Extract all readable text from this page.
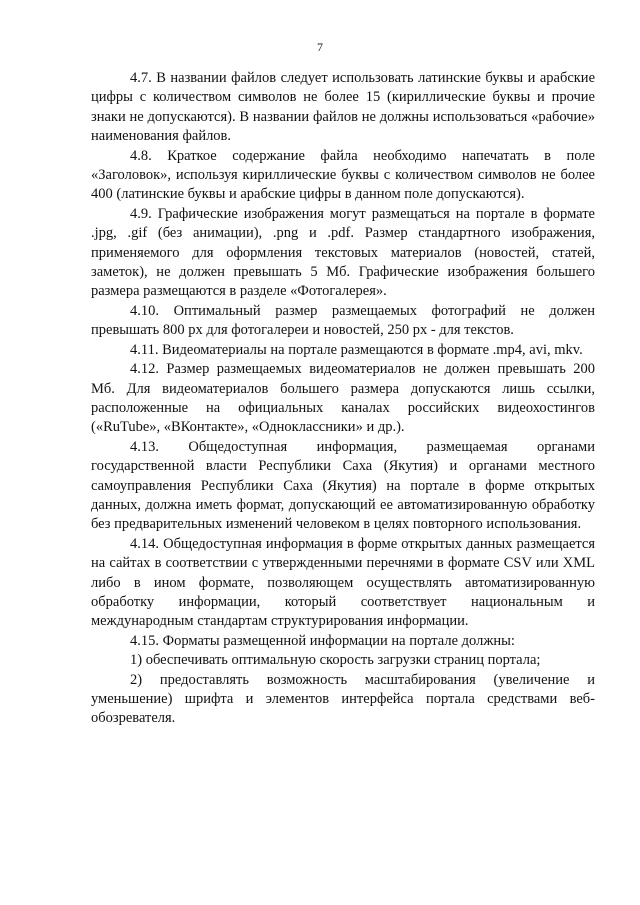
7

4.7. В названии файлов следует использовать латинские буквы и арабские цифры с количеством символов не более 15 (кириллические буквы и прочие знаки не допускаются). В названии файлов не должны использоваться «рабочие» наименования файлов.

4.8. Краткое содержание файла необходимо напечатать в поле «Заголовок», используя кириллические буквы с количеством символов не более 400 (латинские буквы и арабские цифры в данном поле допускаются).

4.9. Графические изображения могут размещаться на портале в формате .jpg, .gif (без анимации), .png и .pdf. Размер стандартного изображения, применяемого для оформления текстовых материалов (новостей, статей, заметок), не должен превышать 5 Мб. Графические изображения большего размера размещаются в разделе «Фотогалерея».

4.10. Оптимальный размер размещаемых фотографий не должен превышать 800 px для фотогалереи и новостей, 250 px - для текстов.

4.11. Видеоматериалы на портале размещаются в формате .mp4, avi, mkv.

4.12. Размер размещаемых видеоматериалов не должен превышать 200 Мб. Для видеоматериалов большего размера допускаются лишь ссылки, расположенные на официальных каналах российских видеохостингов («RuTube», «ВКонтакте», «Одноклассники» и др.).

4.13. Общедоступная информация, размещаемая органами государственной власти Республики Саха (Якутия) и органами местного самоуправления Республики Саха (Якутия) на портале в форме открытых данных, должна иметь формат, допускающий ее автоматизированную обработку без предварительных изменений человеком в целях повторного использования.

4.14. Общедоступная информация в форме открытых данных размещается на сайтах в соответствии с утвержденными перечнями в формате CSV или XML либо в ином формате, позволяющем осуществлять автоматизированную обработку информации, который соответствует национальным и международным стандартам структурирования информации.

4.15. Форматы размещенной информации на портале должны:

1) обеспечивать оптимальную скорость загрузки страниц портала;

2) предоставлять возможность масштабирования (увеличение и уменьшение) шрифта и элементов интерфейса портала средствами веб-обозревателя.
